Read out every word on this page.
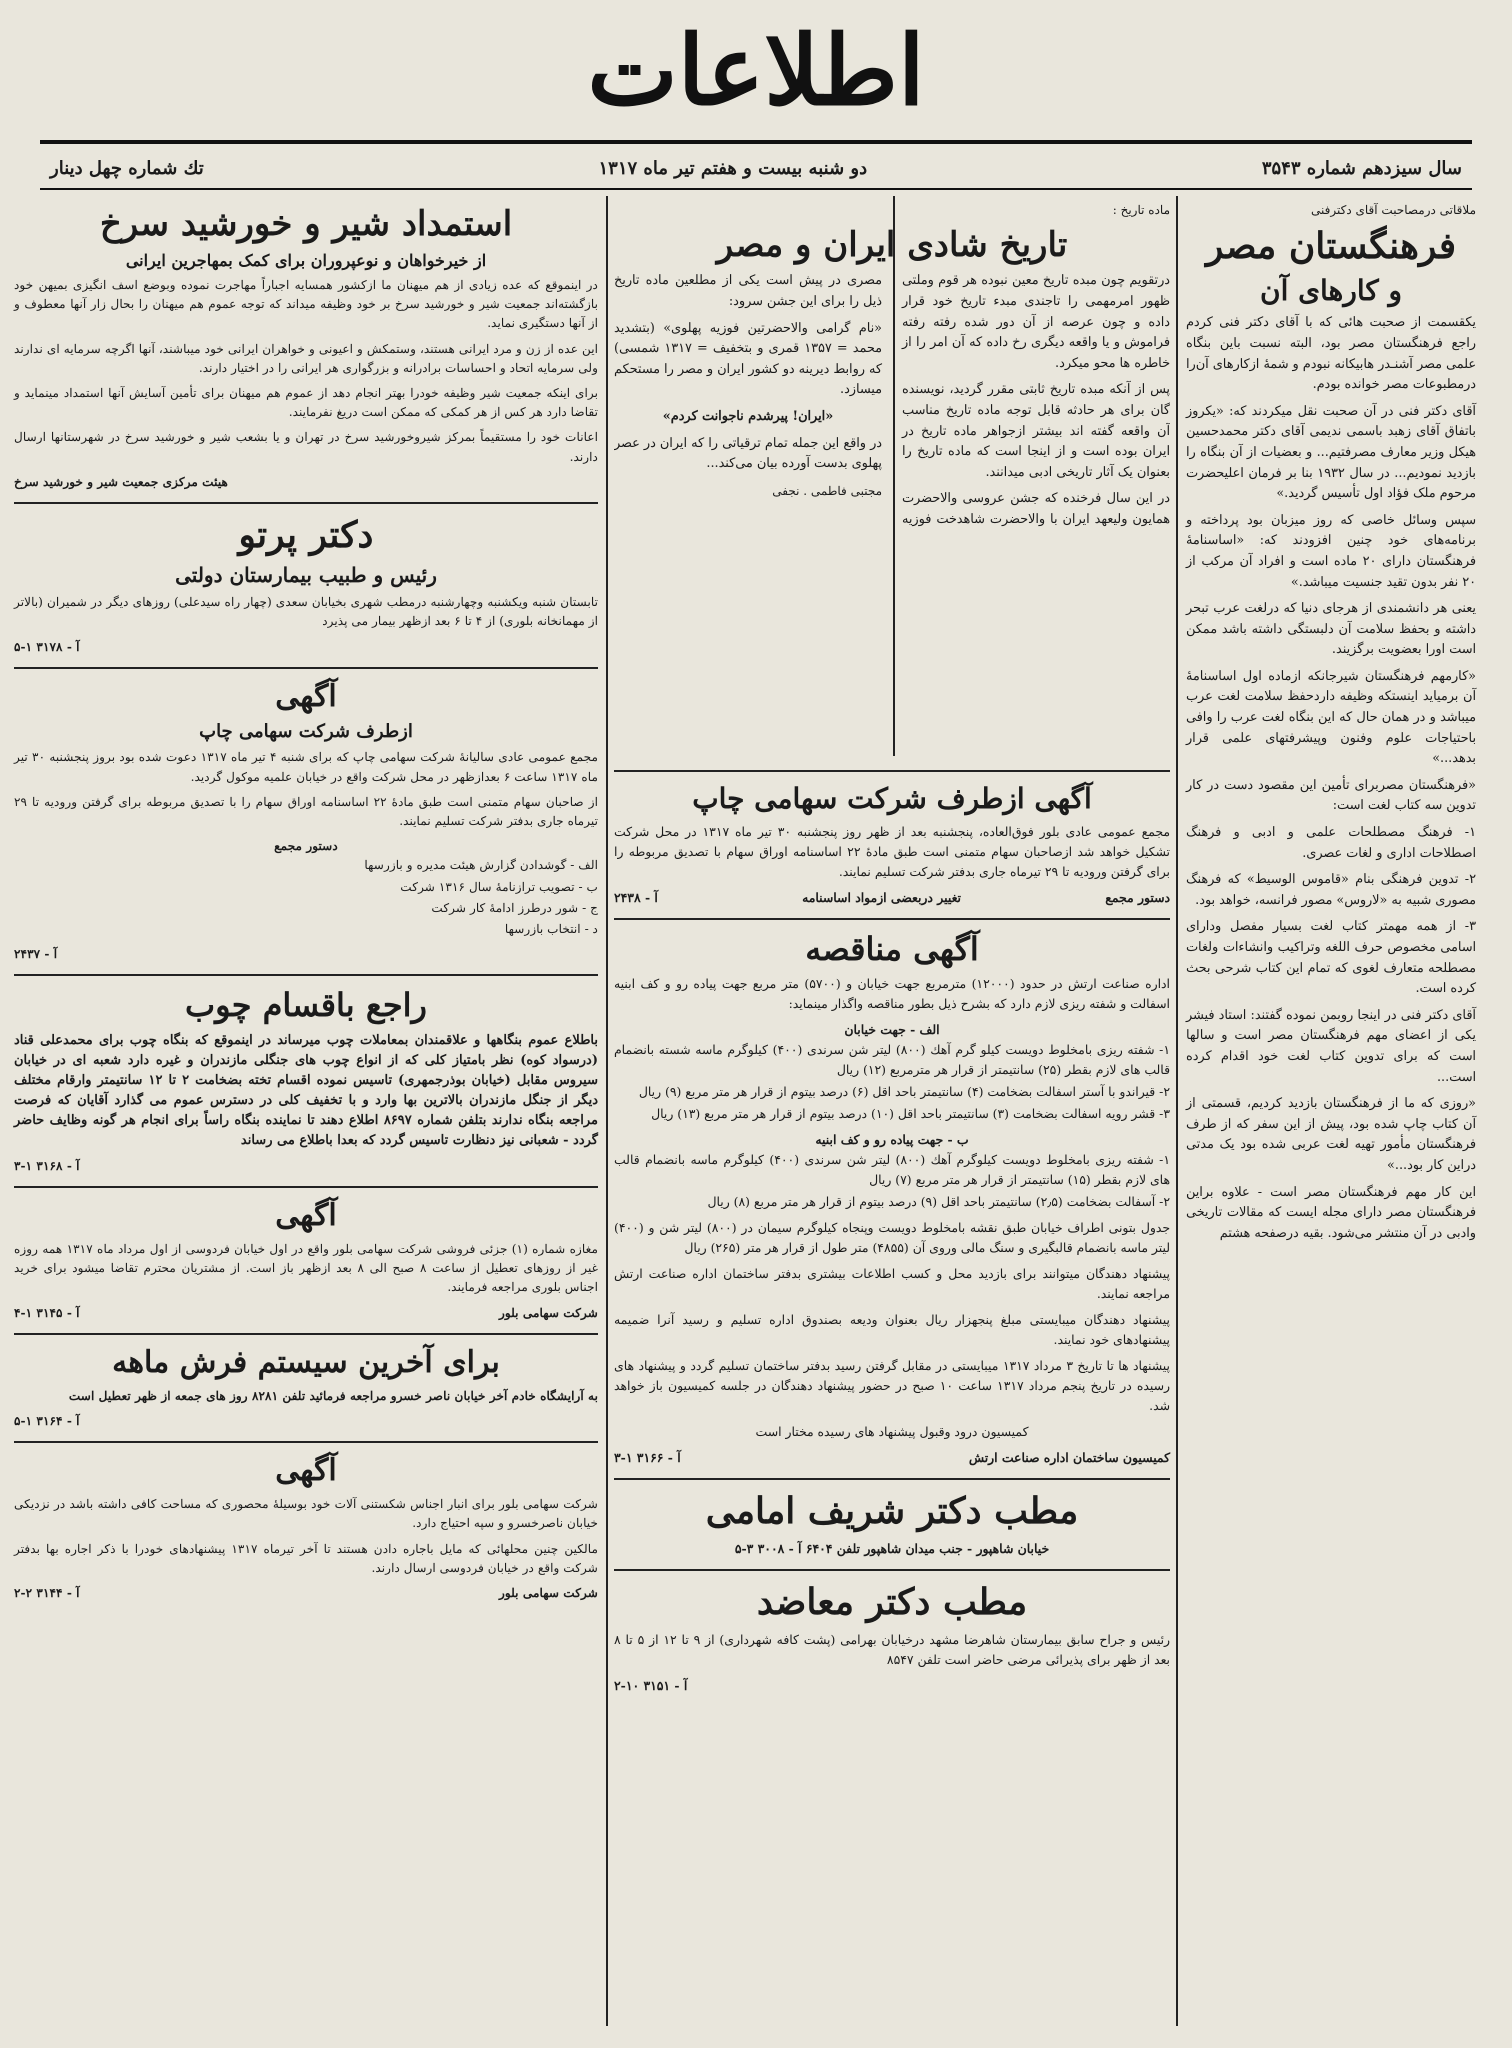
اطلاعات
سال سیزدهم شماره ۳۵۴۳
دو شنبه بیست و هفتم تیر ماه ۱۳۱۷
تك شماره چهل دینار
ملاقاتی درمصاحبت آقای دکترفنی
فرهنگستان مصر
و کارهای آن

یکقسمت از صحبت هائی که با آقای دکتر فنی کردم راجع فرهنگستان مصر بود، البته نسبت باین بنگاه علمی مصر آشنـدر هابیکانه نبودم و شمهٔ ازکارهای آن‌را درمطبوعات مصر خوانده بودم.

آقای دکتر فنی در آن صحبت نقل میکردند که: «یکروز باتفاق آقای زهبد باسمی ندیمی آقای دکتر محمدحسین هیکل وزیر معارف مصرفتیم... و بعضیات از آن بنگاه را بازدید نمودیم... در سال ۱۹۳۲ بنا بر فرمان اعلیحضرت مرحوم ملک فؤاد اول تأسیس گردید.»

سپس وسائل خاصی که روز میزبان بود پرداخته و برنامه‌های خود چنین افزودند که: «اساسنامهٔ فرهنگستان دارای ۲۰ ماده است و افراد آن مرکب از ۲۰ نفر بدون تقید جنسیت میباشد.»

یعنی هر دانشمندی از هرجای دنیا که درلغت عرب تبحر داشته و بحفظ سلامت آن دلبستگی داشته باشد ممکن است اورا بعضویت برگزیند.

«کارمهم فرهنگستان شیرجانکه ازماده اول اساسنامهٔ آن برمیاید اینستکه وظیفه داردحفظ سلامت لغت عرب میباشد و در همان حال که این بنگاه لغت عرب را وافی باحتیاجات علوم وفنون وپیشرفتهای علمی قرار بدهد...»

«فرهنگستان مصربرای تأمین این مقصود دست در کار تدوین سه کتاب لغت است:

۱- فرهنگ مصطلحات علمی و ادبی و فرهنگ اصطلاحات اداری و لغات عصری.

۲- تدوین فرهنگی بنام «قاموس الوسیط» که فرهنگ مصوری شبیه به «لاروس» مصور فرانسه، خواهد بود.

۳- از همه مهمتر کتاب لغت بسیار مفصل ودارای اسامی مخصوص حرف اللغه وتراکیب وانشاءات ولغات مصطلحه متعارف لغوی که تمام این کتاب شرحی بحث کرده است.

آقای دکتر فنی در اینجا روبمن نموده گفتند: استاد فیشر یکی از اعضای مهم فرهنگستان مصر است و سالها است که برای تدوین کتاب لغت خود اقدام کرده است...

«روزی که ما از فرهنگستان بازدید کردیم، قسمتی از آن کتاب چاپ شده بود، پیش از این سفر که از طرف فرهنگستان مأمور تهیه لغت عربی شده بود یک مدتی دراین کار بود...»

این کار مهم فرهنگستان مصر است - علاوه براین فرهنگستان مصر دارای مجله ایست که مقالات تاریخی وادبی در آن منتشر می‌شود. بقیه درصفحه هشتم

ماده تاریخ :
تاریخ شادی ایران و مصر

درتقویم چون مبده تاریخ معین نبوده هر قوم وملتی ظهور امرمهمی را تاجندی مبدء تاریخ خود قرار داده و چون عرصه از آن دور شده رفته رفته فراموش و یا واقعه دیگری رخ داده که آن امر را از خاطره ها محو میکرد.

پس از آنکه مبده تاریخ ثابتی مقرر گردید، نویسنده گان برای هر حادثه قابل توجه ماده تاریخ مناسب آن واقعه گفته اند بیشتر ازجواهر ماده تاریخ در ایران بوده است و از اینجا است که ماده تاریخ را بعنوان یک آثار تاریخی ادبی میدانند.

در این سال فرخنده که جشن عروسی والاحضرت همایون ولیعهد ایران با والاحضرت شاهدخت فوزیه مصری در پیش است یکی از مطلعین ماده تاریخ ذیل را برای این جشن سرود:

«نام گرامی والاحضرتین فوزیه پهلوی» (بتشدید محمد = ۱۳۵۷ قمری و بتخفیف = ۱۳۱۷ شمسی) که روابط دیرینه دو کشور ایران و مصر را مستحکم میسازد.

«ایران! پیرشدم ناجوانت کردم»

در واقع این جمله تمام ترقیاتی را که ایران در عصر پهلوی بدست آورده بیان می‌کند...

مجتبی فاطمی . نجفی

آگهی ازطرف شرکت سهامی چاپ

مجمع عمومی عادی بلور فوق‌العاده، پنجشنبه بعد از ظهر روز پنجشنبه ۳۰ تیر ماه ۱۳۱۷ در محل شرکت تشکیل خواهد شد ازصاحبان سهام متمنی است طبق مادهٔ ۲۲ اساسنامه اوراق سهام با تصدیق مربوطه را برای گرفتن ورودیه تا ۲۹ تیرماه جاری بدفتر شرکت تسلیم نمایند.

دستور مجمع
تغییر دربعضی ازمواد اساسنامه
آ - ۲۴۳۸
آگهی مناقصه

اداره صناعت ارتش در حدود (۱۲۰۰۰) مترمربع جهت خیابان و (۵۷۰۰) متر مربع جهت پیاده رو و کف ابنیه اسفالت و شفته ریزی لازم دارد که بشرح ذیل بطور مناقصه واگذار مینماید:

الف - جهت خیابان
۱- شفته ریزی بامخلوط دویست کیلو گرم آهك (۸۰۰) لیتر شن سرندی (۴۰۰) کیلوگرم ماسه شسته بانضمام قالب های لازم بقطر (۲۵) سانتیمتر از قرار هر مترمربع (۱۲) ریال
۲- قیراندو با آستر اسفالت بضخامت (۴) سانتیمتر باحد اقل (۶) درصد بیتوم از قرار هر متر مربع (۹) ریال
۳- قشر رویه اسفالت بضخامت (۳) سانتیمتر باحد اقل (۱۰) درصد بیتوم از قرار هر متر مربع (۱۳) ریال
ب - جهت پیاده رو و کف ابنیه
۱- شفته ریزی بامخلوط دویست کیلوگرم آهك (۸۰۰) لیتر شن سرندی (۴۰۰) کیلوگرم ماسه بانضمام قالب های لازم بقطر (۱۵) سانتیمتر از قرار هر متر مربع (۷) ریال
۲- آسفالت بضخامت (۲٫۵) سانتیمتر باحد اقل (۹) درصد بیتوم از قرار هر متر مربع (۸) ریال

جدول بتونی اطراف خیابان طبق نقشه بامخلوط دویست وپنجاه کیلوگرم سیمان در (۸۰۰) لیتر شن و (۴۰۰) لیتر ماسه بانضمام قالبگیری و سنگ مالی وروی آن (۴۸۵۵) متر طول از قرار هر متر (۲۶۵) ریال

پیشنهاد دهندگان میتوانند برای بازدید محل و کسب اطلاعات بیشتری بدفتر ساختمان اداره صناعت ارتش مراجعه نمایند.

پیشنهاد دهندگان میبایستی مبلغ پنجهزار ریال بعنوان ودیعه بصندوق اداره تسلیم و رسید آنرا ضمیمه پیشنهادهای خود نمایند.

پیشنهاد ها تا تاریخ ۳ مرداد ۱۳۱۷ میبایستی در مقابل گرفتن رسید بدفتر ساختمان تسلیم گردد و پیشنهاد های رسیده در تاریخ پنجم مرداد ۱۳۱۷ ساعت ۱۰ صبح در حضور پیشنهاد دهندگان در جلسه کمیسیون باز خواهد شد.

کمیسیون درود وقبول پیشنهاد های رسیده مختار است

کمیسیون ساختمان اداره صناعت ارتش
آ - ۳۱۶۶ ۱-۳
مطب دکتر شریف امامی
خیابان شاهپور - جنب میدان شاهپور تلفن ۶۴۰۴ آ - ۳۰۰۸ ۳-۵
مطب دکتر معاضد

رئیس و جراح سابق بیمارستان شاهرضا مشهد درخیابان بهرامی (پشت کافه شهرداری) از ۹ تا ۱۲ از ۵ تا ۸ بعد از ظهر برای پذیرائی مرضی حاضر است تلفن ۸۵۴۷

آ - ۳۱۵۱ ۱۰-۲
استمداد شیر و خورشید سرخ
از خیرخواهان و نوعپروران برای کمک بمهاجرین ایرانی

در اینموقع که عده زیادی از هم میهنان ما ازکشور همسایه اجباراً مهاجرت نموده وبوضع اسف انگیزی بمیهن خود بازگشته‌اند جمعیت شیر و خورشید سرخ بر خود وظیفه میداند که توجه عموم هم میهنان را بحال زار آنها معطوف و از آنها دستگیری نماید.

این عده از زن و مرد ایرانی هستند، وستمکش و اعیونی و خواهران ایرانی خود میباشند، آنها اگرچه سرمایه ای ندارند ولی سرمایه اتحاد و احساسات برادرانه و بزرگواری هر ایرانی را در اختیار دارند.

برای اینکه جمعیت شیر وظیفه خودرا بهتر انجام دهد از عموم هم میهنان برای تأمین آسایش آنها استمداد مینماید و تقاضا دارد هر کس از هر کمکی که ممکن است دریغ نفرمایند.

اعانات خود را مستقیماً بمرکز شیروخورشید سرخ در تهران و یا بشعب شیر و خورشید سرخ در شهرستانها ارسال دارند.

هیئت مرکزی جمعیت شیر و خورشید سرخ
دکتر پرتو
رئیس و طبیب بیمارستان دولتی

تابستان شنبه ویکشنبه وچهارشنبه درمطب شهری بخیابان سعدی (چهار راه سیدعلی) روزهای دیگر در شمیران (بالاتر از مهمانخانه بلوری) از ۴ تا ۶ بعد ازظهر بیمار می پذیرد

آ - ۳۱۷۸ ۱-۵
آگهی
ازطرف شرکت سهامی چاپ

مجمع عمومی عادی سالیانهٔ شرکت سهامی چاپ که برای شنبه ۴ تیر ماه ۱۳۱۷ دعوت شده بود بروز پنجشنبه ۳۰ تیر ماه ۱۳۱۷ ساعت ۶ بعدازظهر در محل شرکت واقع در خیابان علمیه موکول گردید.

از صاحبان سهام متمنی است طبق مادهٔ ۲۲ اساسنامه اوراق سهام را با تصدیق مربوطه برای گرفتن ورودیه تا ۲۹ تیرماه جاری بدفتر شرکت تسلیم نمایند.

دستور مجمع
الف - گوشدادن گزارش هیئت مدیره و بازرسها
ب - تصویب ترازنامهٔ سال ۱۳۱۶ شرکت
ج - شور درطرز ادامهٔ کار شرکت
د - انتخاب بازرسها
آ - ۲۴۳۷
راجع باقسام چوب

باطلاع عموم بنگاهها و علاقمندان بمعاملات چوب میرساند در اینموقع که بنگاه چوب برای محمدعلی قناد (درسواد کوه) نظر بامتیاز کلی که از انواع چوب های جنگلی مازندران و غیره دارد شعبه ای در خیابان سیروس مقابل (خیابان بوذرجمهری) تاسیس نموده اقسام تخته بضخامت ۲ تا ۱۲ سانتیمتر وارقام مختلف دیگر از جنگل مازندران بالاترین بها وارد و با تخفیف کلی در دسترس عموم می گذارد آقایان که فرصت مراجعه بنگاه ندارند بتلفن شماره ۸۶۹۷ اطلاع دهند تا نماینده بنگاه راساً برای انجام هر گونه وظایف حاضر گردد - شعبانی نیز دنظارت تاسیس گردد که بعدا باطلاع می رساند

آ - ۳۱۶۸ ۱-۳
آگهی

مغازه شماره (۱) جزئی فروشی شرکت سهامی بلور واقع در اول خیابان فردوسی از اول مرداد ماه ۱۳۱۷ همه روزه غیر از روزهای تعطیل از ساعت ۸ صبح الی ۸ بعد ازظهر باز است. از مشتریان محترم تقاضا میشود برای خرید اجناس بلوری مراجعه فرمایند.

شرکت سهامی بلور
آ - ۳۱۴۵ ۱-۴
برای آخرین سیستم فرش ماهه

به آرایشگاه خادم آخر خیابان ناصر خسرو مراجعه فرمائید تلفن ۸۲۸۱ روز های جمعه از ظهر تعطیل است

آ - ۳۱۶۴ ۱-۵
آگهی

شرکت سهامی بلور برای انبار اجناس شکستنی آلات خود بوسیلهٔ محصوری که مساحت کافی داشته باشد در نزدیکی خیابان ناصرخسرو و سپه احتیاج دارد.

مالکین چنین محلهائی که مایل باجاره دادن هستند تا آخر تیرماه ۱۳۱۷ پیشنهادهای خودرا با ذکر اجاره بها بدفتر شرکت واقع در خیابان فردوسی ارسال دارند.

شرکت سهامی بلور
آ - ۳۱۴۴ ۲-۲
